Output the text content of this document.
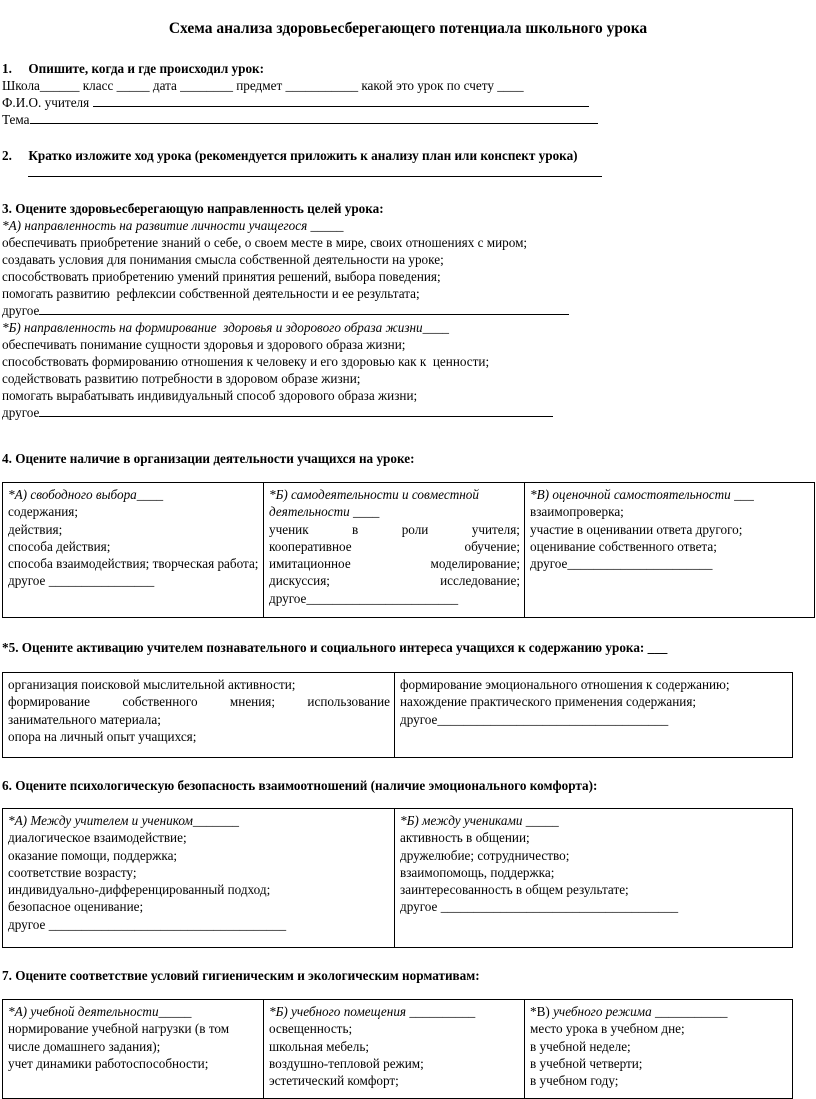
Схема анализа здоровьесберегающего потенциала школьного урока
1.     Опишите, когда и где происходил урок:
Школа______ класс _____ дата ________ предмет ___________ какой это урок по счету ____
Ф.И.О. учителя
Тема
2.     Кратко изложите ход урока (рекомендуется приложить к анализу план или конспект урока)
3. Оцените здоровьесберегающую направленность целей урока:
*А) направленность на развитие личности учащегося _____
обеспечивать приобретение знаний о себе, о своем месте в мире, своих отношениях с миром;
создавать условия для понимания смысла собственной деятельности на уроке;
способствовать приобретению умений принятия решений, выбора поведения;
помогать развитию  рефлексии собственной деятельности и ее результата;
другое
*Б) направленность на формирование  здоровья и здорового образа жизни____
обеспечивать понимание сущности здоровья и здорового образа жизни;
способствовать формированию отношения к человеку и его здоровью как к  ценности;
содействовать развитию потребности в здоровом образе жизни;
помогать вырабатывать индивидуальный способ здорового образа жизни;
другое
4. Оцените наличие в организации деятельности учащихся на уроке:
*А) свободного выбора____
содержания;
действия;
способа действия;
способа взаимодействия; творческая работа;
другое ________________

*Б) самодеятельности и совместной деятельности ____
ученик	в	роли	учителя;
кооперативное	обучение;
имитационное	моделирование;
дискуссия;	исследование;
другое_______________________

*В) оценочной самостоятельности ___
взаимопроверка;
участие в оценивании ответа другого;
оценивание собственного ответа;
другое______________________
*5. Оцените активацию учителем познавательного и социального интереса учащихся к содержанию урока: ___
организация поисковой мыслительной активности;
формирование собственного мнения; использование занимательного материала;
опора на личный опыт учащихся;

формирование эмоционального отношения к содержанию;
нахождение практического применения содержания;
другое___________________________________
6. Оцените психологическую безопасность взаимоотношений (наличие эмоционального комфорта):
*А) Между учителем и учеником_______
диалогическое взаимодействие;
оказание помощи, поддержка;
соответствие возрасту;
индивидуально-дифференцированный подход;
безопасное оценивание;
другое ____________________________________

*Б) между учениками _____
активность в общении;
дружелюбие; сотрудничество;
взаимопомощь, поддержка;
заинтересованность в общем результате;
другое ____________________________________
7. Оцените соответствие условий гигиеническим и экологическим нормативам:
*А) учебной деятельности_____
нормирование учебной нагрузки (в том числе домашнего задания);
учет динамики работоспособности;

*Б) учебного помещения __________
освещенность;
школьная мебель;
воздушно-тепловой режим;
эстетический комфорт;

*В) учебного режима ___________
место урока в учебном дне;
в учебной неделе;
в учебной четверти;
в учебном году;
